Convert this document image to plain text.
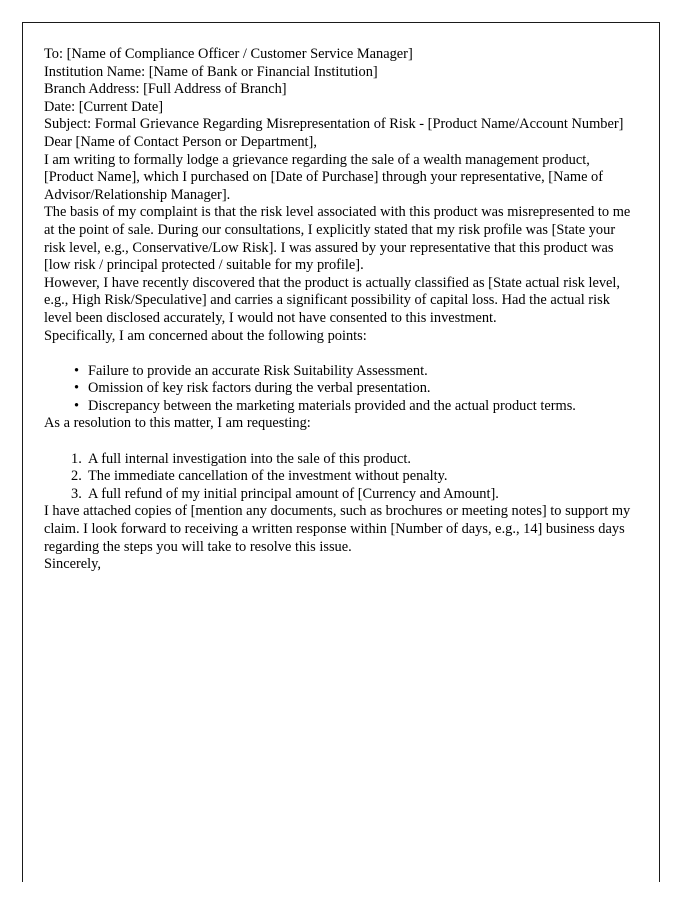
To: [Name of Compliance Officer / Customer Service Manager]
Institution Name: [Name of Bank or Financial Institution]
Branch Address: [Full Address of Branch]
Date: [Current Date]

Subject: Formal Grievance Regarding Misrepresentation of Risk - [Product Name/Account Number]

Dear [Name of Contact Person or Department],

I am writing to formally lodge a grievance regarding the sale of a wealth management product, [Product Name], which I purchased on [Date of Purchase] through your representative, [Name of Advisor/Relationship Manager].

The basis of my complaint is that the risk level associated with this product was misrepresented to me at the point of sale. During our consultations, I explicitly stated that my risk profile was [State your risk level, e.g., Conservative/Low Risk]. I was assured by your representative that this product was [low risk / principal protected / suitable for my profile].

However, I have recently discovered that the product is actually classified as [State actual risk level, e.g., High Risk/Speculative] and carries a significant possibility of capital loss. Had the actual risk level been disclosed accurately, I would not have consented to this investment.

Specifically, I am concerned about the following points:

• Failure to provide an accurate Risk Suitability Assessment.
• Omission of key risk factors during the verbal presentation.
• Discrepancy between the marketing materials provided and the actual product terms.

As a resolution to this matter, I am requesting:

A full internal investigation into the sale of this product.
The immediate cancellation of the investment without penalty.
A full refund of my initial principal amount of [Currency and Amount].

I have attached copies of [mention any documents, such as brochures or meeting notes] to support my claim. I look forward to receiving a written response within [Number of days, e.g., 14] business days regarding the steps you will take to resolve this issue.

Sincerely,
